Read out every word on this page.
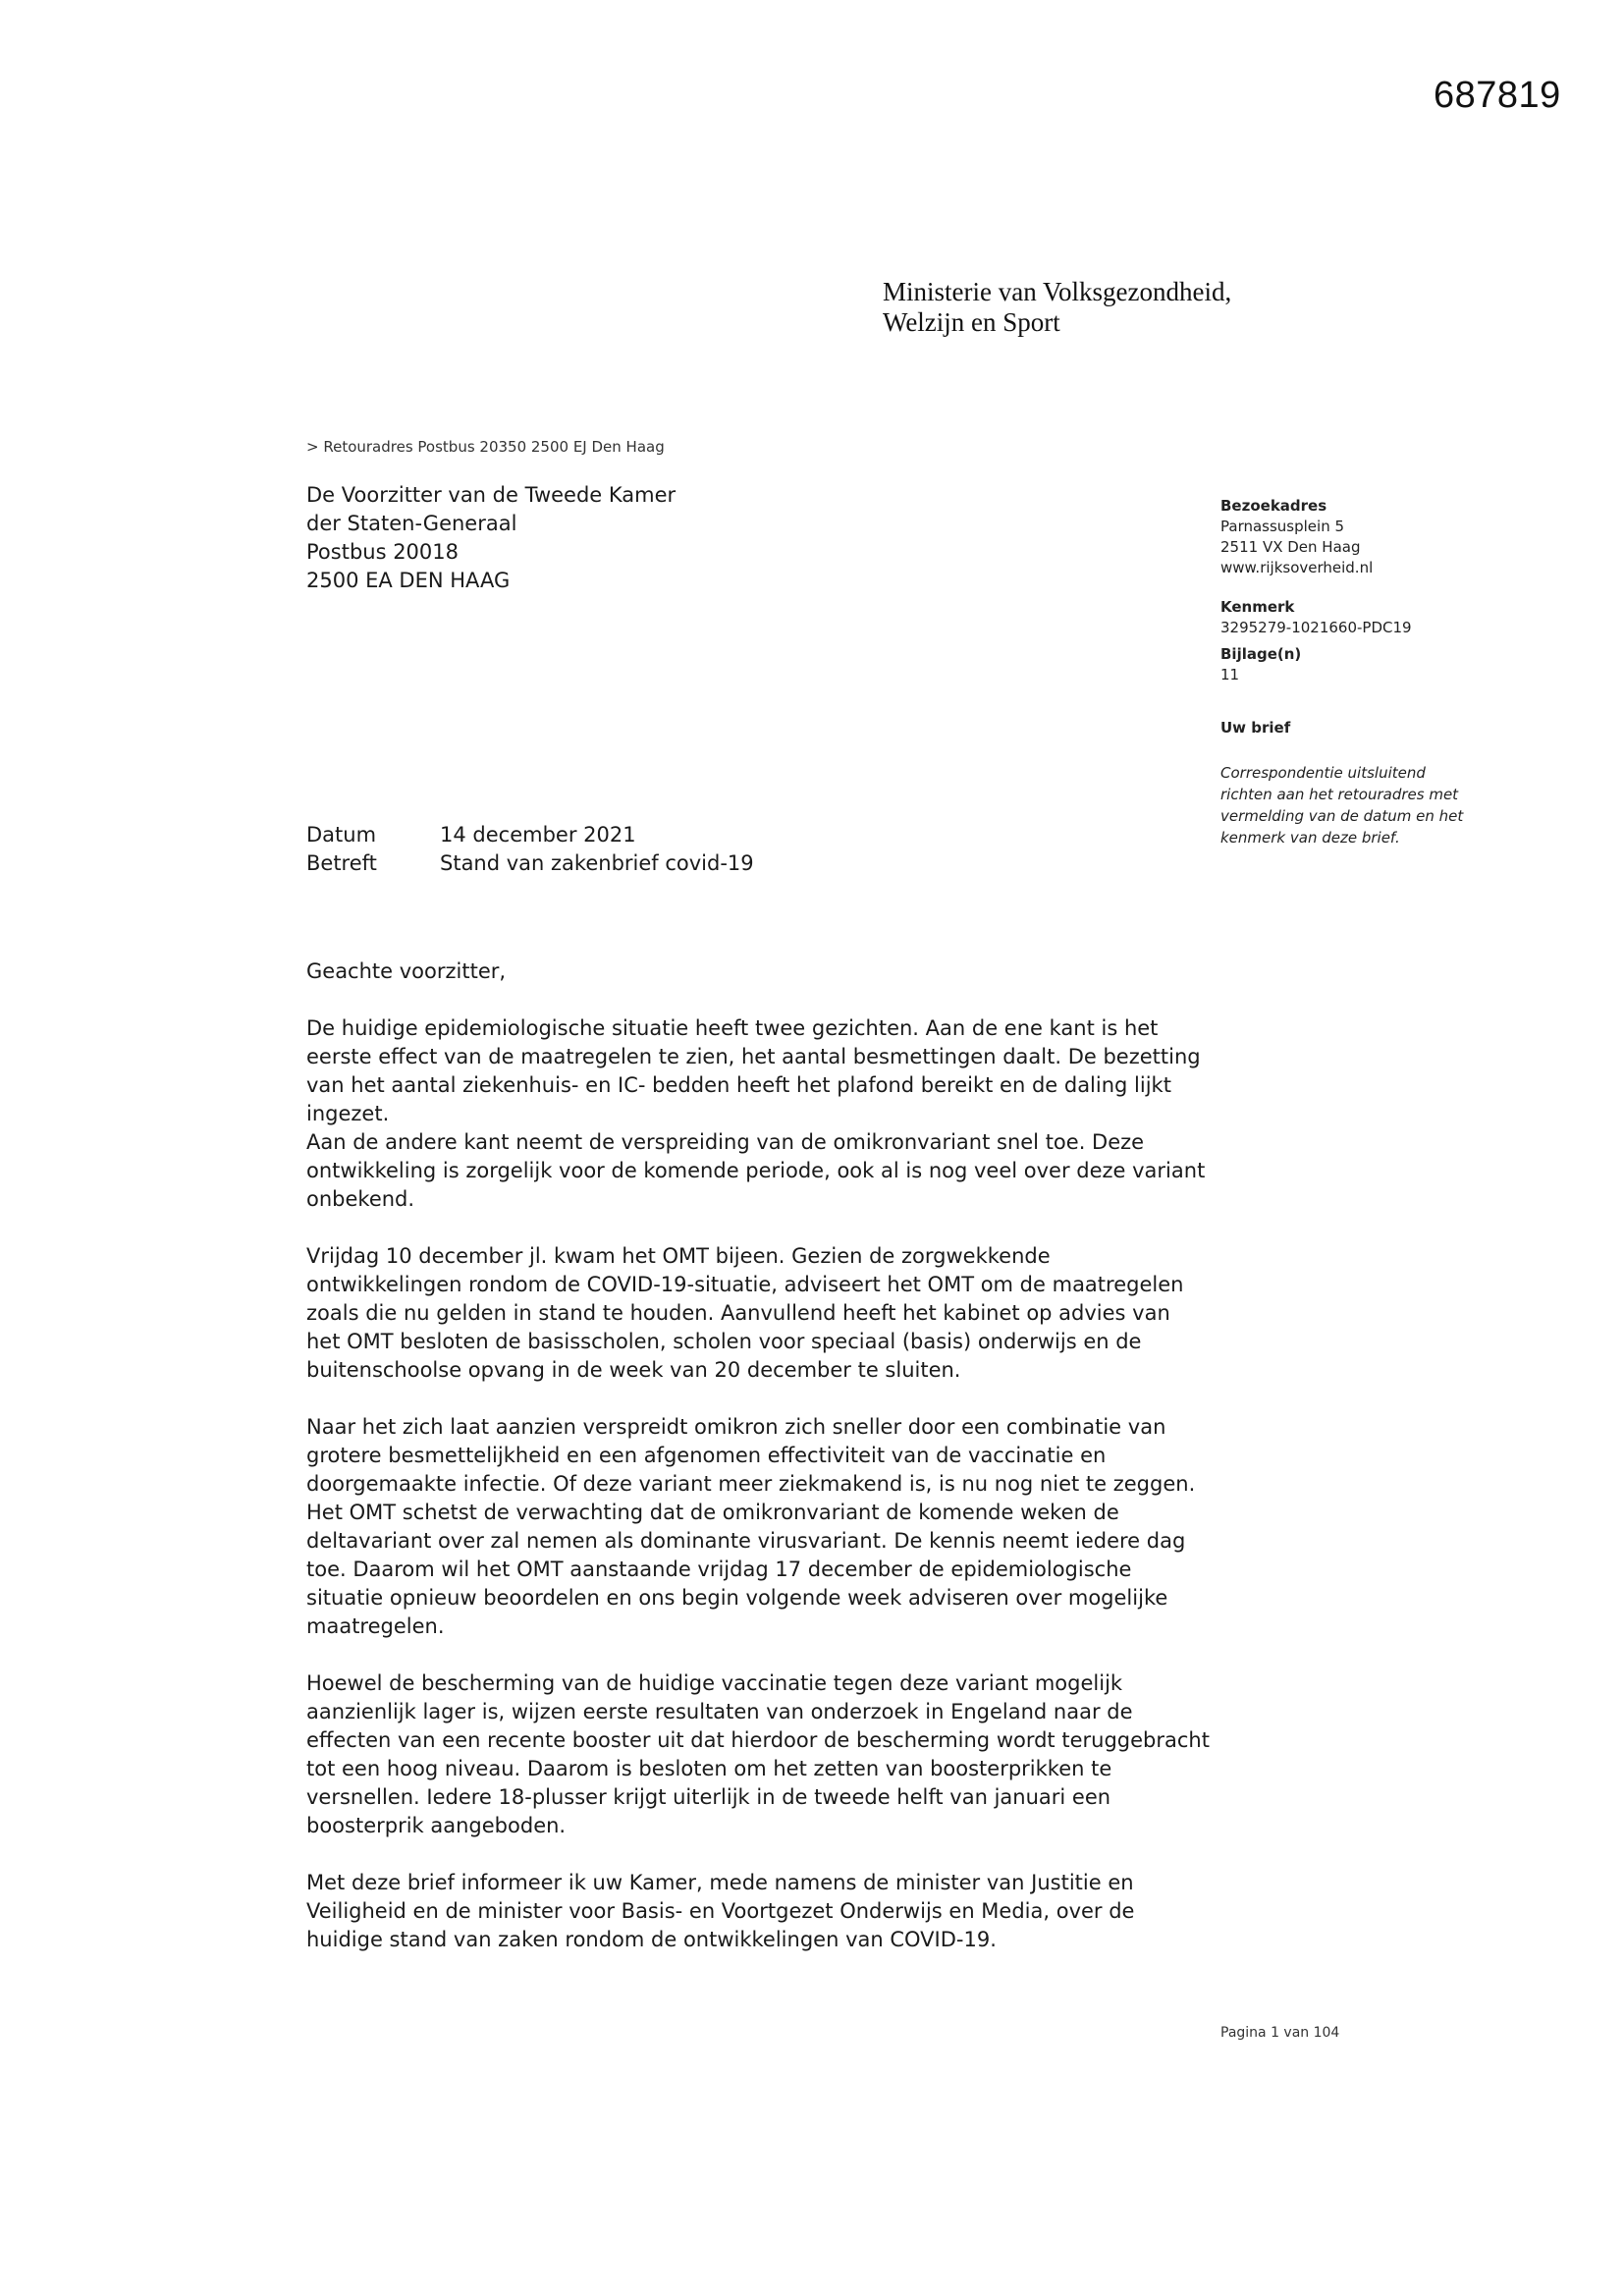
687819
Ministerie van Volksgezondheid,
Welzijn en Sport
> Retouradres Postbus 20350 2500 EJ Den Haag
De Voorzitter van de Tweede Kamer
der Staten-Generaal
Postbus 20018
2500 EA DEN HAAG
Bezoekadres
Parnassusplein 5
2511 VX Den Haag
www.rijksoverheid.nl
Kenmerk
3295279-1021660-PDC19
Bijlage(n)
11
Uw brief
Correspondentie uitsluitend richten aan het retouradres met vermelding van de datum en het kenmerk van deze brief.
Datum	14 december 2021
Betreft	Stand van zakenbrief covid-19

Geachte voorzitter,

De huidige epidemiologische situatie heeft twee gezichten. Aan de ene kant is het eerste effect van de maatregelen te zien, het aantal besmettingen daalt. De bezetting van het aantal ziekenhuis- en IC- bedden heeft het plafond bereikt en de daling lijkt ingezet.

Aan de andere kant neemt de verspreiding van de omikronvariant snel toe. Deze ontwikkeling is zorgelijk voor de komende periode, ook al is nog veel over deze variant onbekend.

Vrijdag 10 december jl. kwam het OMT bijeen. Gezien de zorgwekkende ontwikkelingen rondom de COVID-19-situatie, adviseert het OMT om de maatregelen zoals die nu gelden in stand te houden. Aanvullend heeft het kabinet op advies van het OMT besloten de basisscholen, scholen voor speciaal (basis) onderwijs en de buitenschoolse opvang in de week van 20 december te sluiten.

Naar het zich laat aanzien verspreidt omikron zich sneller door een combinatie van grotere besmettelijkheid en een afgenomen effectiviteit van de vaccinatie en doorgemaakte infectie. Of deze variant meer ziekmakend is, is nu nog niet te zeggen. Het OMT schetst de verwachting dat de omikronvariant de komende weken de deltavariant over zal nemen als dominante virusvariant. De kennis neemt iedere dag toe. Daarom wil het OMT aanstaande vrijdag 17 december de epidemiologische situatie opnieuw beoordelen en ons begin volgende week adviseren over mogelijke maatregelen.

Hoewel de bescherming van de huidige vaccinatie tegen deze variant mogelijk aanzienlijk lager is, wijzen eerste resultaten van onderzoek in Engeland naar de effecten van een recente booster uit dat hierdoor de bescherming wordt teruggebracht tot een hoog niveau. Daarom is besloten om het zetten van boosterprikken te versnellen. Iedere 18-plusser krijgt uiterlijk in de tweede helft van januari een boosterprik aangeboden.

Met deze brief informeer ik uw Kamer, mede namens de minister van Justitie en Veiligheid en de minister voor Basis- en Voortgezet Onderwijs en Media, over de huidige stand van zaken rondom de ontwikkelingen van COVID-19.

Pagina 1 van 104
